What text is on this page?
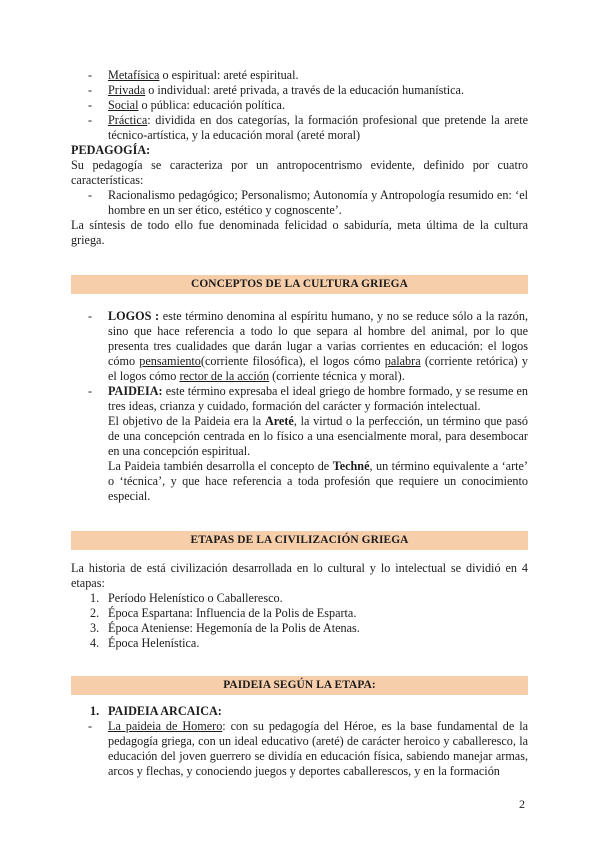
- Metafísica o espiritual: areté espiritual.

- Privada o individual: areté privada, a través de la educación humanística.

- Social o pública: educación política.

- Práctica: dividida en dos categorías, la formación profesional que pretende la arete técnico-artística, y la educación moral (areté moral)

PEDAGOGÍA:

Su pedagogía se caracteriza por un antropocentrismo evidente, definido por cuatro características:

- Racionalismo pedagógico; Personalismo; Autonomía y Antropología resumido en: ‘el hombre en un ser ético, estético y cognoscente’.

La síntesis de todo ello fue denominada felicidad o sabiduría, meta última de la cultura griega.

CONCEPTOS DE LA CULTURA GRIEGA

- LOGOS : este término denomina al espíritu humano, y no se reduce sólo a la razón, sino que hace referencia a todo lo que separa al hombre del animal, por lo que presenta tres cualidades que darán lugar a varias corrientes en educación: el logos cómo pensamiento(corriente filosófica), el logos cómo palabra (corriente retórica) y el logos cómo rector de la acción (corriente técnica y moral).

- PAIDEIA: este término expresaba el ideal griego de hombre formado, y se resume en tres ideas, crianza y cuidado, formación del carácter y formación intelectual.

El objetivo de la Paideia era la Areté, la virtud o la perfección, un término que pasó de una concepción centrada en lo físico a una esencialmente moral, para desembocar en una concepción espiritual.

La Paideia también desarrolla el concepto de Techné, un término equivalente a ‘arte’ o ‘técnica’, y que hace referencia a toda profesión que requiere un conocimiento especial.

ETAPAS DE LA CIVILIZACIÓN GRIEGA

La historia de está civilización desarrollada en lo cultural y lo intelectual se dividió en 4 etapas:

1. Período Helenístico o Caballeresco.

2. Época Espartana: Influencia de la Polis de Esparta.

3. Época Ateniense: Hegemonía de la Polis de Atenas.

4. Época Helenística.

PAIDEIA SEGÚN LA ETAPA:

1. PAIDEIA ARCAICA:

- La paideia de Homero: con su pedagogía del Héroe, es la base fundamental de la pedagogía griega, con un ideal educativo (areté) de carácter heroico y caballeresco, la educación del joven guerrero se dividía en educación física, sabiendo manejar armas, arcos y flechas, y conociendo juegos y deportes caballerescos, y en la formación

2
